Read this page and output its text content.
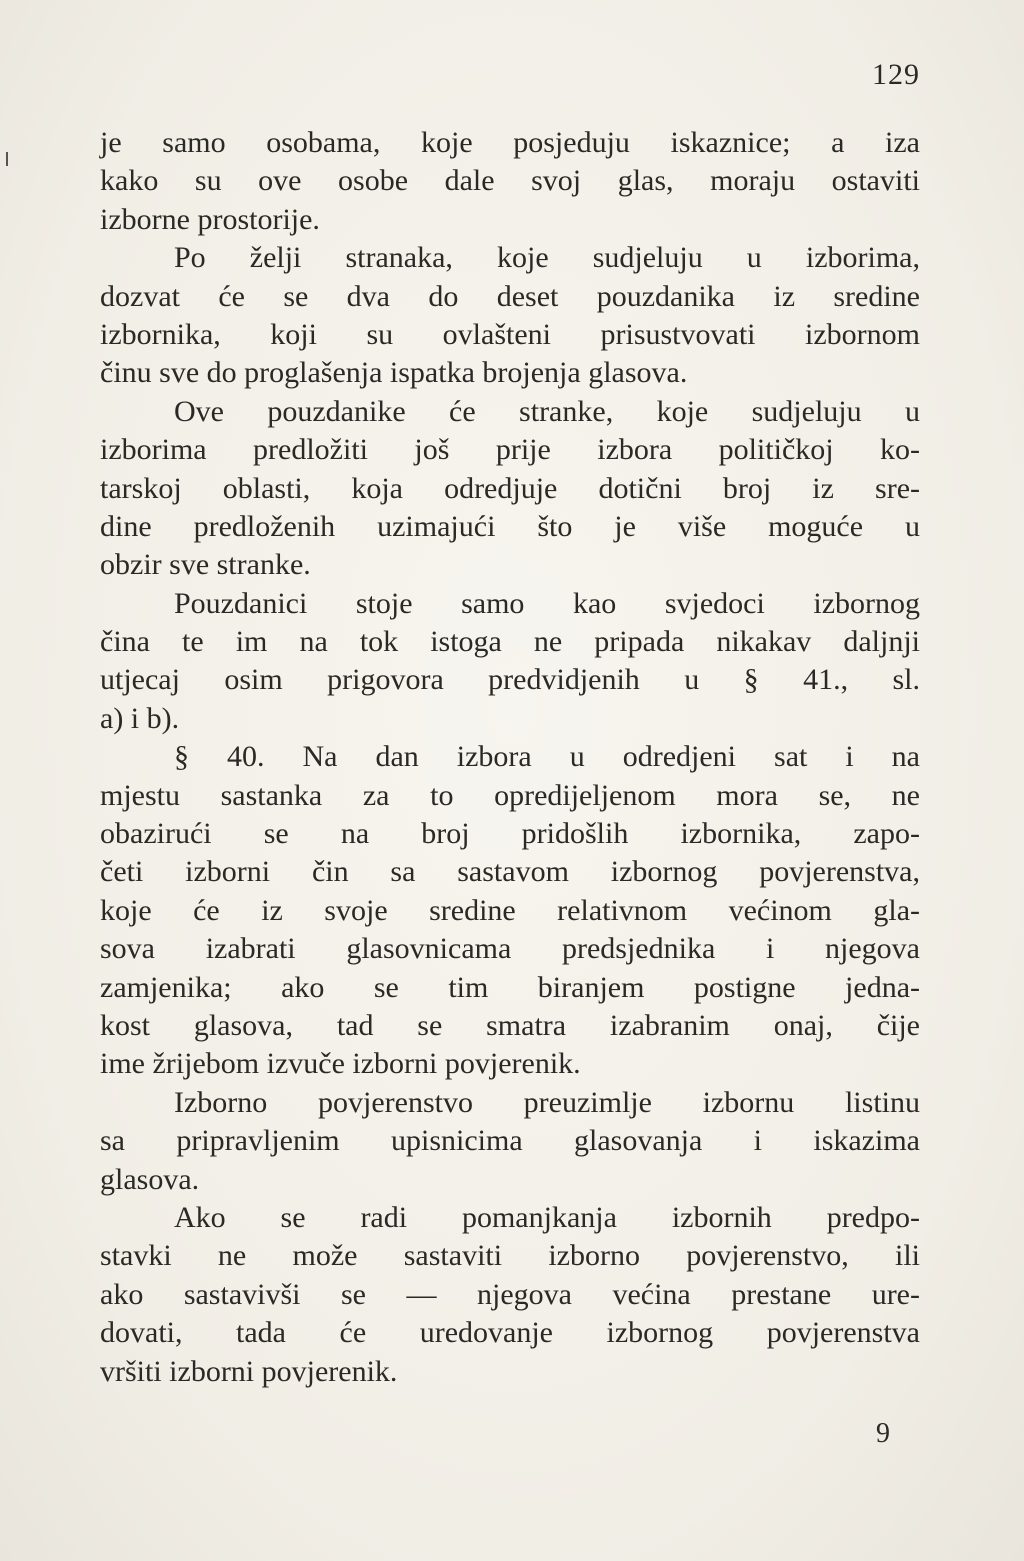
129
je samo osobama, koje posjeduju iskaznice; a iza
kako su ove osobe dale svoj glas, moraju ostaviti
izborne prostorije.
Po želji stranaka, koje sudjeluju u izborima,
dozvat će se dva do deset pouzdanika iz sredine
izbornika, koji su ovlašteni prisustvovati izbornom
činu sve do proglašenja ispatka brojenja glasova.
Ove pouzdanike će stranke, koje sudjeluju u
izborima predložiti još prije izbora političkoj ko-
tarskoj oblasti, koja odredjuje dotični broj iz sre-
dine predloženih uzimajući što je više moguće u
obzir sve stranke.
Pouzdanici stoje samo kao svjedoci izbornog
čina te im na tok istoga ne pripada nikakav daljnji
utjecaj osim prigovora predvidjenih u § 41., sl.
a) i b).
§ 40. Na dan izbora u odredjeni sat i na
mjestu sastanka za to opredijeljenom mora se, ne
obazirući se na broj pridošlih izbornika, zapo-
četi izborni čin sa sastavom izbornog povjerenstva,
koje će iz svoje sredine relativnom većinom gla-
sova izabrati glasovnicama predsjednika i njegova
zamjenika; ako se tim biranjem postigne jedna-
kost glasova, tad se smatra izabranim onaj, čije
ime žrijebom izvuče izborni povjerenik.
Izborno povjerenstvo preuzimlje izbornu listinu
sa pripravljenim upisnicima glasovanja i iskazima
glasova.
Ako se radi pomanjkanja izbornih predpo-
stavki ne može sastaviti izborno povjerenstvo, ili
ako sastavivši se — njegova većina prestane ure-
dovati, tada će uredovanje izbornog povjerenstva
vršiti izborni povjerenik.
9
